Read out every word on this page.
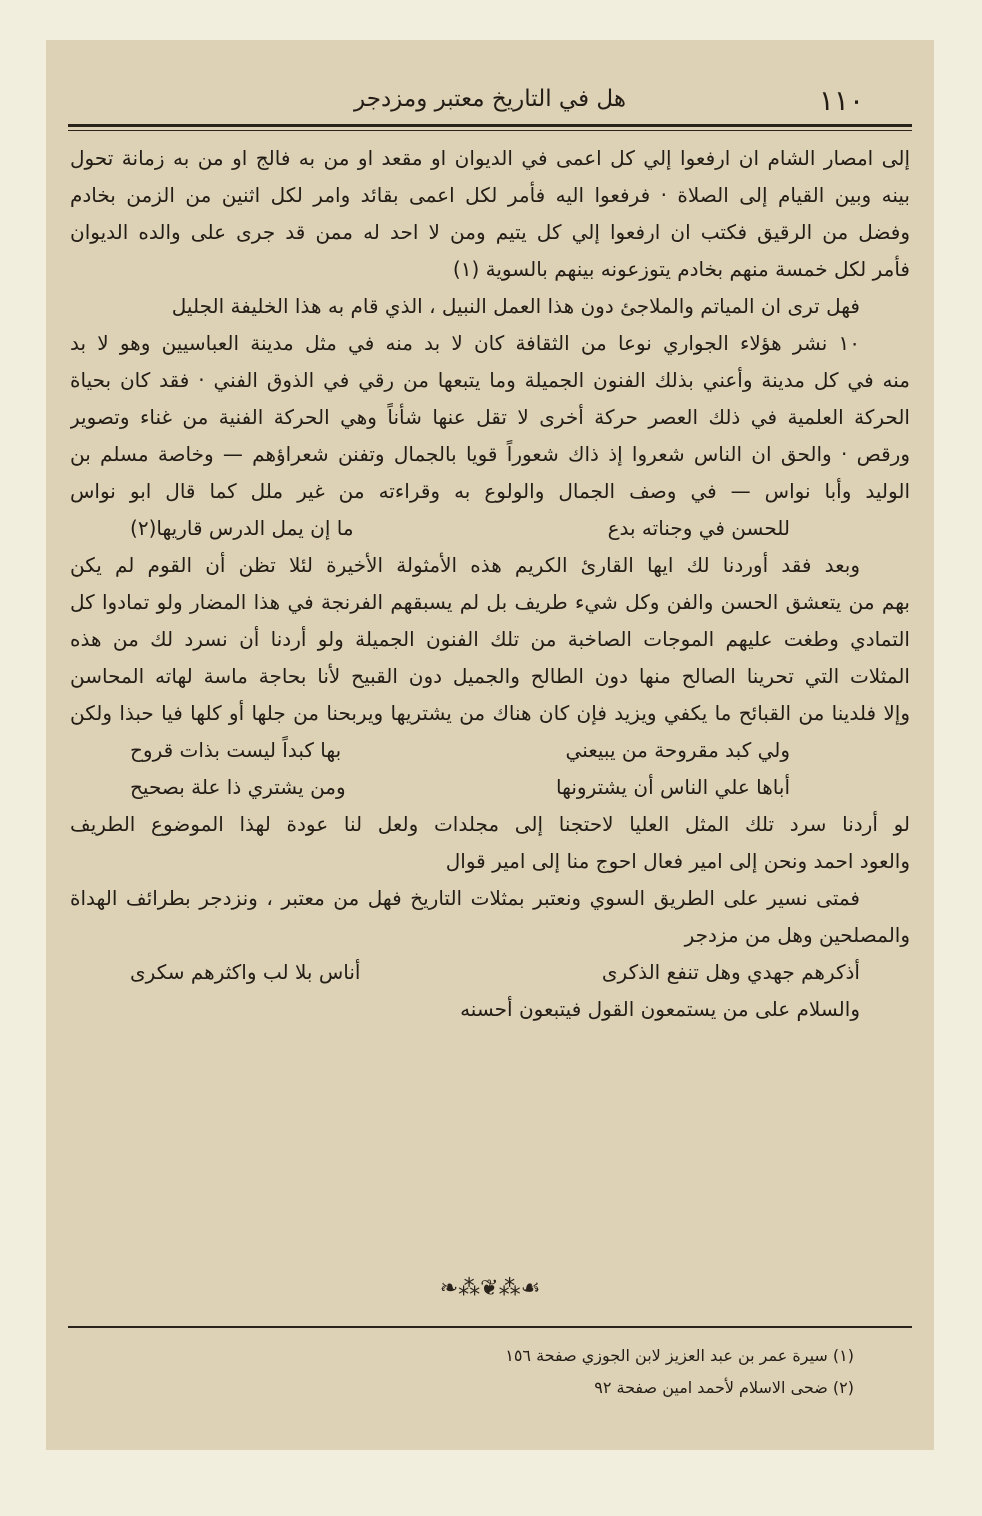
١١٠
هل في التاريخ معتبر ومزدجر
إلى امصار الشام ان ارفعوا إلي كل اعمى في الديوان او مقعد او من به فالج او من به زمانة تحول
بينه وبين القيام إلى الصلاة · فرفعوا اليه فأمر لكل اعمى بقائد وامر لكل اثنين من الزمن بخادم
وفضل من الرقيق فكتب ان ارفعوا إلي كل يتيم ومن لا احد له ممن قد جرى على والده الديوان
فأمر لكل خمسة منهم بخادم يتوزعونه بينهم بالسوية (١)
فهل ترى ان المياتم والملاجئ دون هذا العمل النبيل ، الذي قام به هذا الخليفة الجليل
١٠ نشر هؤلاء الجواري نوعا من الثقافة كان لا بد منه في مثل مدينة العباسيين وهو لا بد
منه في كل مدينة وأعني بذلك الفنون الجميلة وما يتبعها من رقي في الذوق الفني · فقد كان بحياة
الحركة العلمية في ذلك العصر حركة أخرى لا تقل عنها شأناً وهي الحركة الفنية من غناء وتصوير
ورقص · والحق ان الناس شعروا إذ ذاك شعوراً قويا بالجمال وتفنن شعراؤهم — وخاصة مسلم بن
الوليد وأبا نواس — في وصف الجمال والولوع به وقراءته من غير ملل كما قال ابو نواس
للحسن في وجناته بدع
ما إن يمل الدرس قاريها(٢)
وبعد فقد أوردنا لك ايها القارئ الكريم هذه الأمثولة الأخيرة لئلا تظن أن القوم لم يكن
بهم من يتعشق الحسن والفن وكل شيء طريف بل لم يسبقهم الفرنجة في هذا المضار ولو تمادوا كل
التمادي وطغت عليهم الموجات الصاخبة من تلك الفنون الجميلة ولو أردنا أن نسرد لك من هذه
المثلات التي تحرينا الصالح منها دون الطالح والجميل دون القبيح لأنا بحاجة ماسة لهاته المحاسن
وإلا فلدينا من القبائح ما يكفي ويزيد فإن كان هناك من يشتريها ويربحنا من جلها أو كلها فيا حبذا ولكن
ولي كبد مقروحة من يبيعني
بها كبداً ليست بذات قروح
أباها علي الناس أن يشترونها
ومن يشتري ذا علة بصحيح
لو أردنا سرد تلك المثل العليا لاحتجنا إلى مجلدات ولعل لنا عودة لهذا الموضوع الطريف
والعود احمد ونحن إلى امير فعال احوج منا إلى امير قوال
فمتى نسير على الطريق السوي ونعتبر بمثلات التاريخ فهل من معتبر ، ونزدجر بطرائف الهداة
والمصلحين وهل من مزدجر
أذكرهم جهدي وهل تنفع الذكرى
أناس بلا لب واكثرهم سكرى
والسلام على من يستمعون القول فيتبعون أحسنه
❧⁂❦⁂☙
(١) سيرة عمر بن عبد العزيز لابن الجوزي صفحة ١٥٦
(٢) ضحى الاسلام لأحمد امين صفحة ٩٢
